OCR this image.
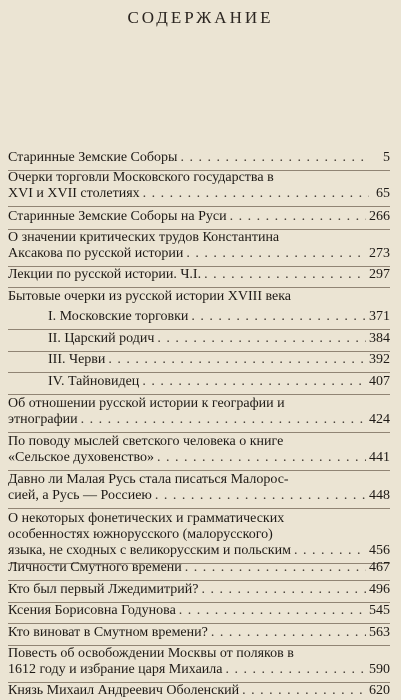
СОДЕРЖАНИЕ
Старинные Земские Соборы . . .	5
Очерки торговли Московского государства в
XVI и XVII столетиях . . .	65
Старинные Земские Соборы на Руси . . .	266
О значении критических трудов Константина
Аксакова по русской истории . . .	273
Лекции по русской истории. Ч.I. . . .	297
Бытовые очерки из русской истории XVIII века
I. Московские торговки . . .	371
II. Царский родич . . .	384
III. Черви . . .	392
IV. Тайновидец . . .	407
Об отношении русской истории к географии и
этнографии . . .	424
По поводу мыслей светского человека о книге
«Сельское духовенство» . . .	441
Давно ли Малая Русь стала писаться Малорос-
сией, а Русь — Россиею . . .	448
О некоторых фонетических и грамматических
особенностях южнорусского (малорусского)
языка, не сходных с великорусским и польским . . .	456
Личности Смутного времени . . .	467
Кто был первый Лжедимитрий? . . .	496
Ксения Борисовна Годунова . . .	545
Кто виноват в Смутном времени? . . .	563
Повесть об освобождении Москвы от поляков в
1612 году и избрание царя Михаила . . .	590
Князь Михаил Андреевич Оболенский . . .	620
